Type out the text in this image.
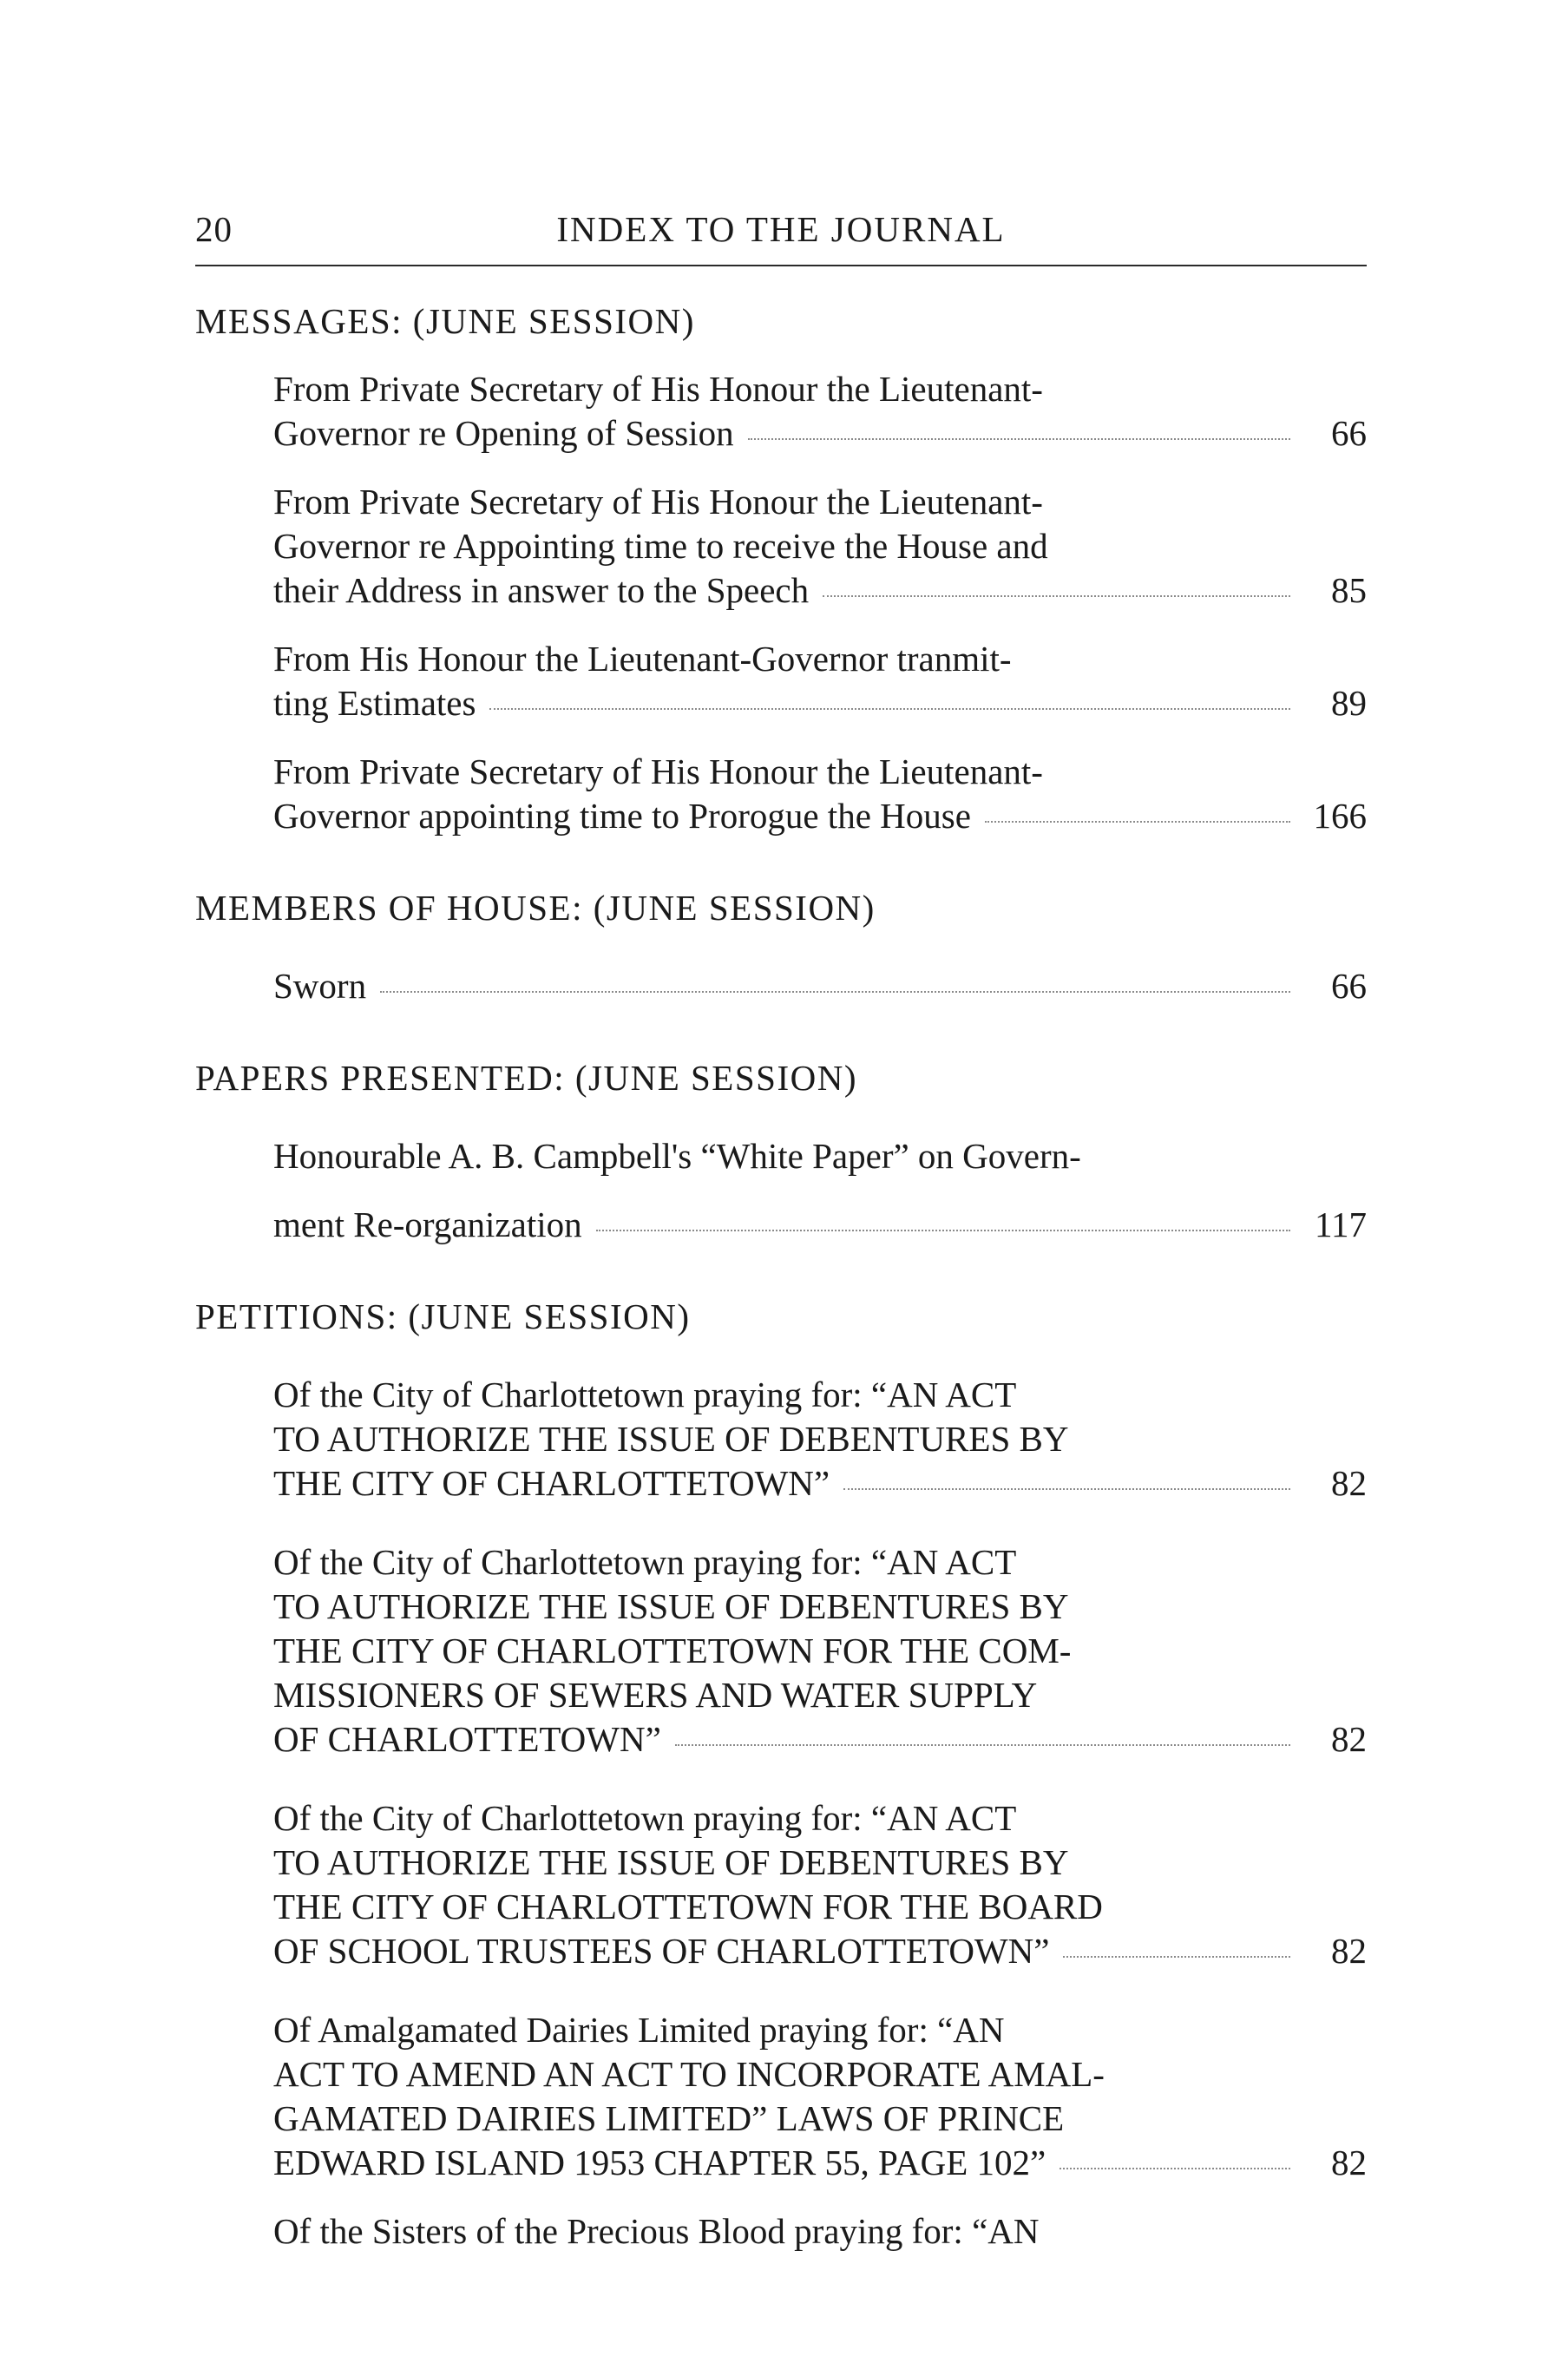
20	INDEX TO THE JOURNAL

MESSAGES: (JUNE SESSION)

From Private Secretary of His Honour the Lieutenant-
Governor re Opening of Session	66
From Private Secretary of His Honour the Lieutenant-
Governor re Appointing time to receive the House and
their Address in answer to the Speech	85
From His Honour the Lieutenant-Governor tranmit-
ting Estimates	89
From Private Secretary of His Honour the Lieutenant-
Governor appointing time to Prorogue the House	166

MEMBERS OF HOUSE: (JUNE SESSION)

Sworn	66

PAPERS PRESENTED: (JUNE SESSION)

Honourable A. B. Campbell's “White Paper” on Govern-
ment Re-organization	117

PETITIONS: (JUNE SESSION)

Of the City of Charlottetown praying for: “AN ACT
TO AUTHORIZE THE ISSUE OF DEBENTURES BY
THE CITY OF CHARLOTTETOWN”	82
Of the City of Charlottetown praying for: “AN ACT
TO AUTHORIZE THE ISSUE OF DEBENTURES BY
THE CITY OF CHARLOTTETOWN FOR THE COM-
MISSIONERS OF SEWERS AND WATER SUPPLY
OF CHARLOTTETOWN”	82
Of the City of Charlottetown praying for: “AN ACT
TO AUTHORIZE THE ISSUE OF DEBENTURES BY
THE CITY OF CHARLOTTETOWN FOR THE BOARD
OF SCHOOL TRUSTEES OF CHARLOTTETOWN”	82
Of Amalgamated Dairies Limited praying for: “AN
ACT TO AMEND AN ACT TO INCORPORATE AMAL-
GAMATED DAIRIES LIMITED” LAWS OF PRINCE
EDWARD ISLAND 1953 CHAPTER 55, PAGE 102”	82
Of the Sisters of the Precious Blood praying for: “AN
